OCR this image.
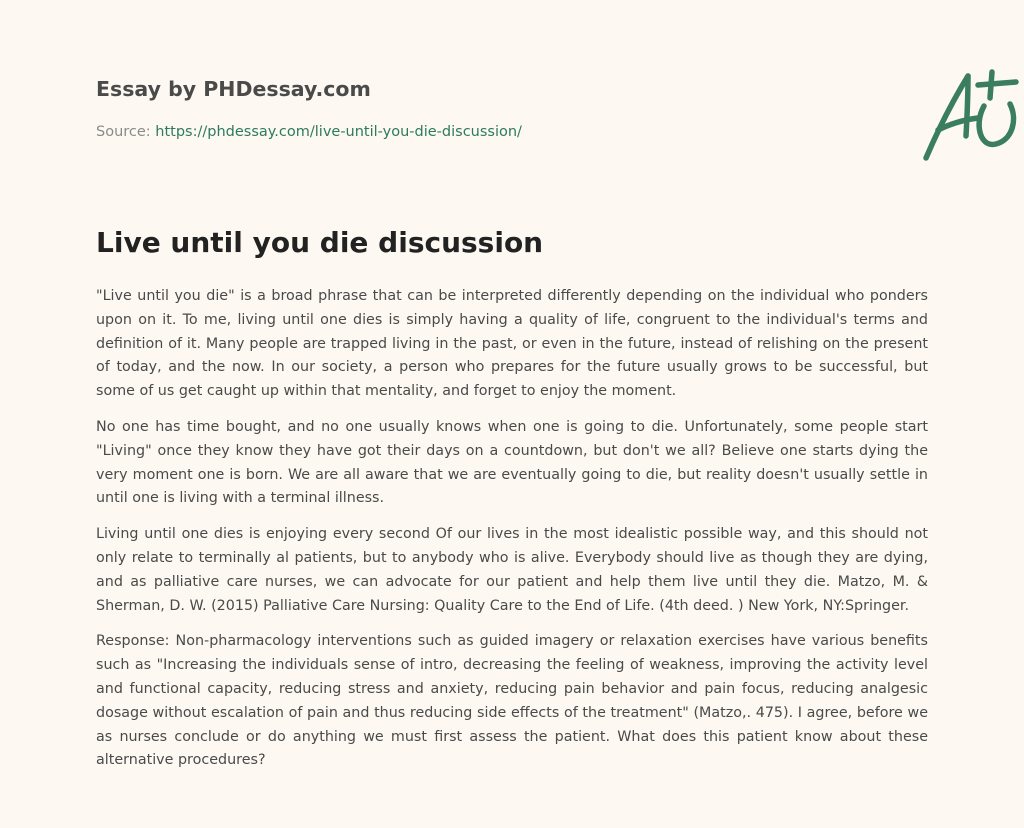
Essay by PHDessay.com
Source: https://phdessay.com/live-until-you-die-discussion/
Live until you die discussion

"Live until you die" is a broad phrase that can be interpreted differently depending on the individual who ponders upon on it. To me, living until one dies is simply having a quality of life, congruent to the individual's terms and definition of it. Many people are trapped living in the past, or even in the future, instead of relishing on the present of today, and the now. In our society, a person who prepares for the future usually grows to be successful, but some of us get caught up within that mentality, and forget to enjoy the moment.

No one has time bought, and no one usually knows when one is going to die. Unfortunately, some people start "Living" once they know they have got their days on a countdown, but don't we all? Believe one starts dying the very moment one is born. We are all aware that we are eventually going to die, but reality doesn't usually settle in until one is living with a terminal illness.

Living until one dies is enjoying every second Of our lives in the most idealistic possible way, and this should not only relate to terminally al patients, but to anybody who is alive. Everybody should live as though they are dying, and as palliative care nurses, we can advocate for our patient and help them live until they die. Matzo, M. & Sherman, D. W. (2015) Palliative Care Nursing: Quality Care to the End of Life. (4th deed. ) New York, NY:Springer.

Response: Non-pharmacology interventions such as guided imagery or relaxation exercises have various benefits such as "Increasing the individuals sense of intro, decreasing the feeling of weakness, improving the activity level and functional capacity, reducing stress and anxiety, reducing pain behavior and pain focus, reducing analgesic dosage without escalation of pain and thus reducing side effects of the treatment" (Matzo,. 475). I agree, before we as nurses conclude or do anything we must first assess the patient. What does this patient know about these alternative procedures?
